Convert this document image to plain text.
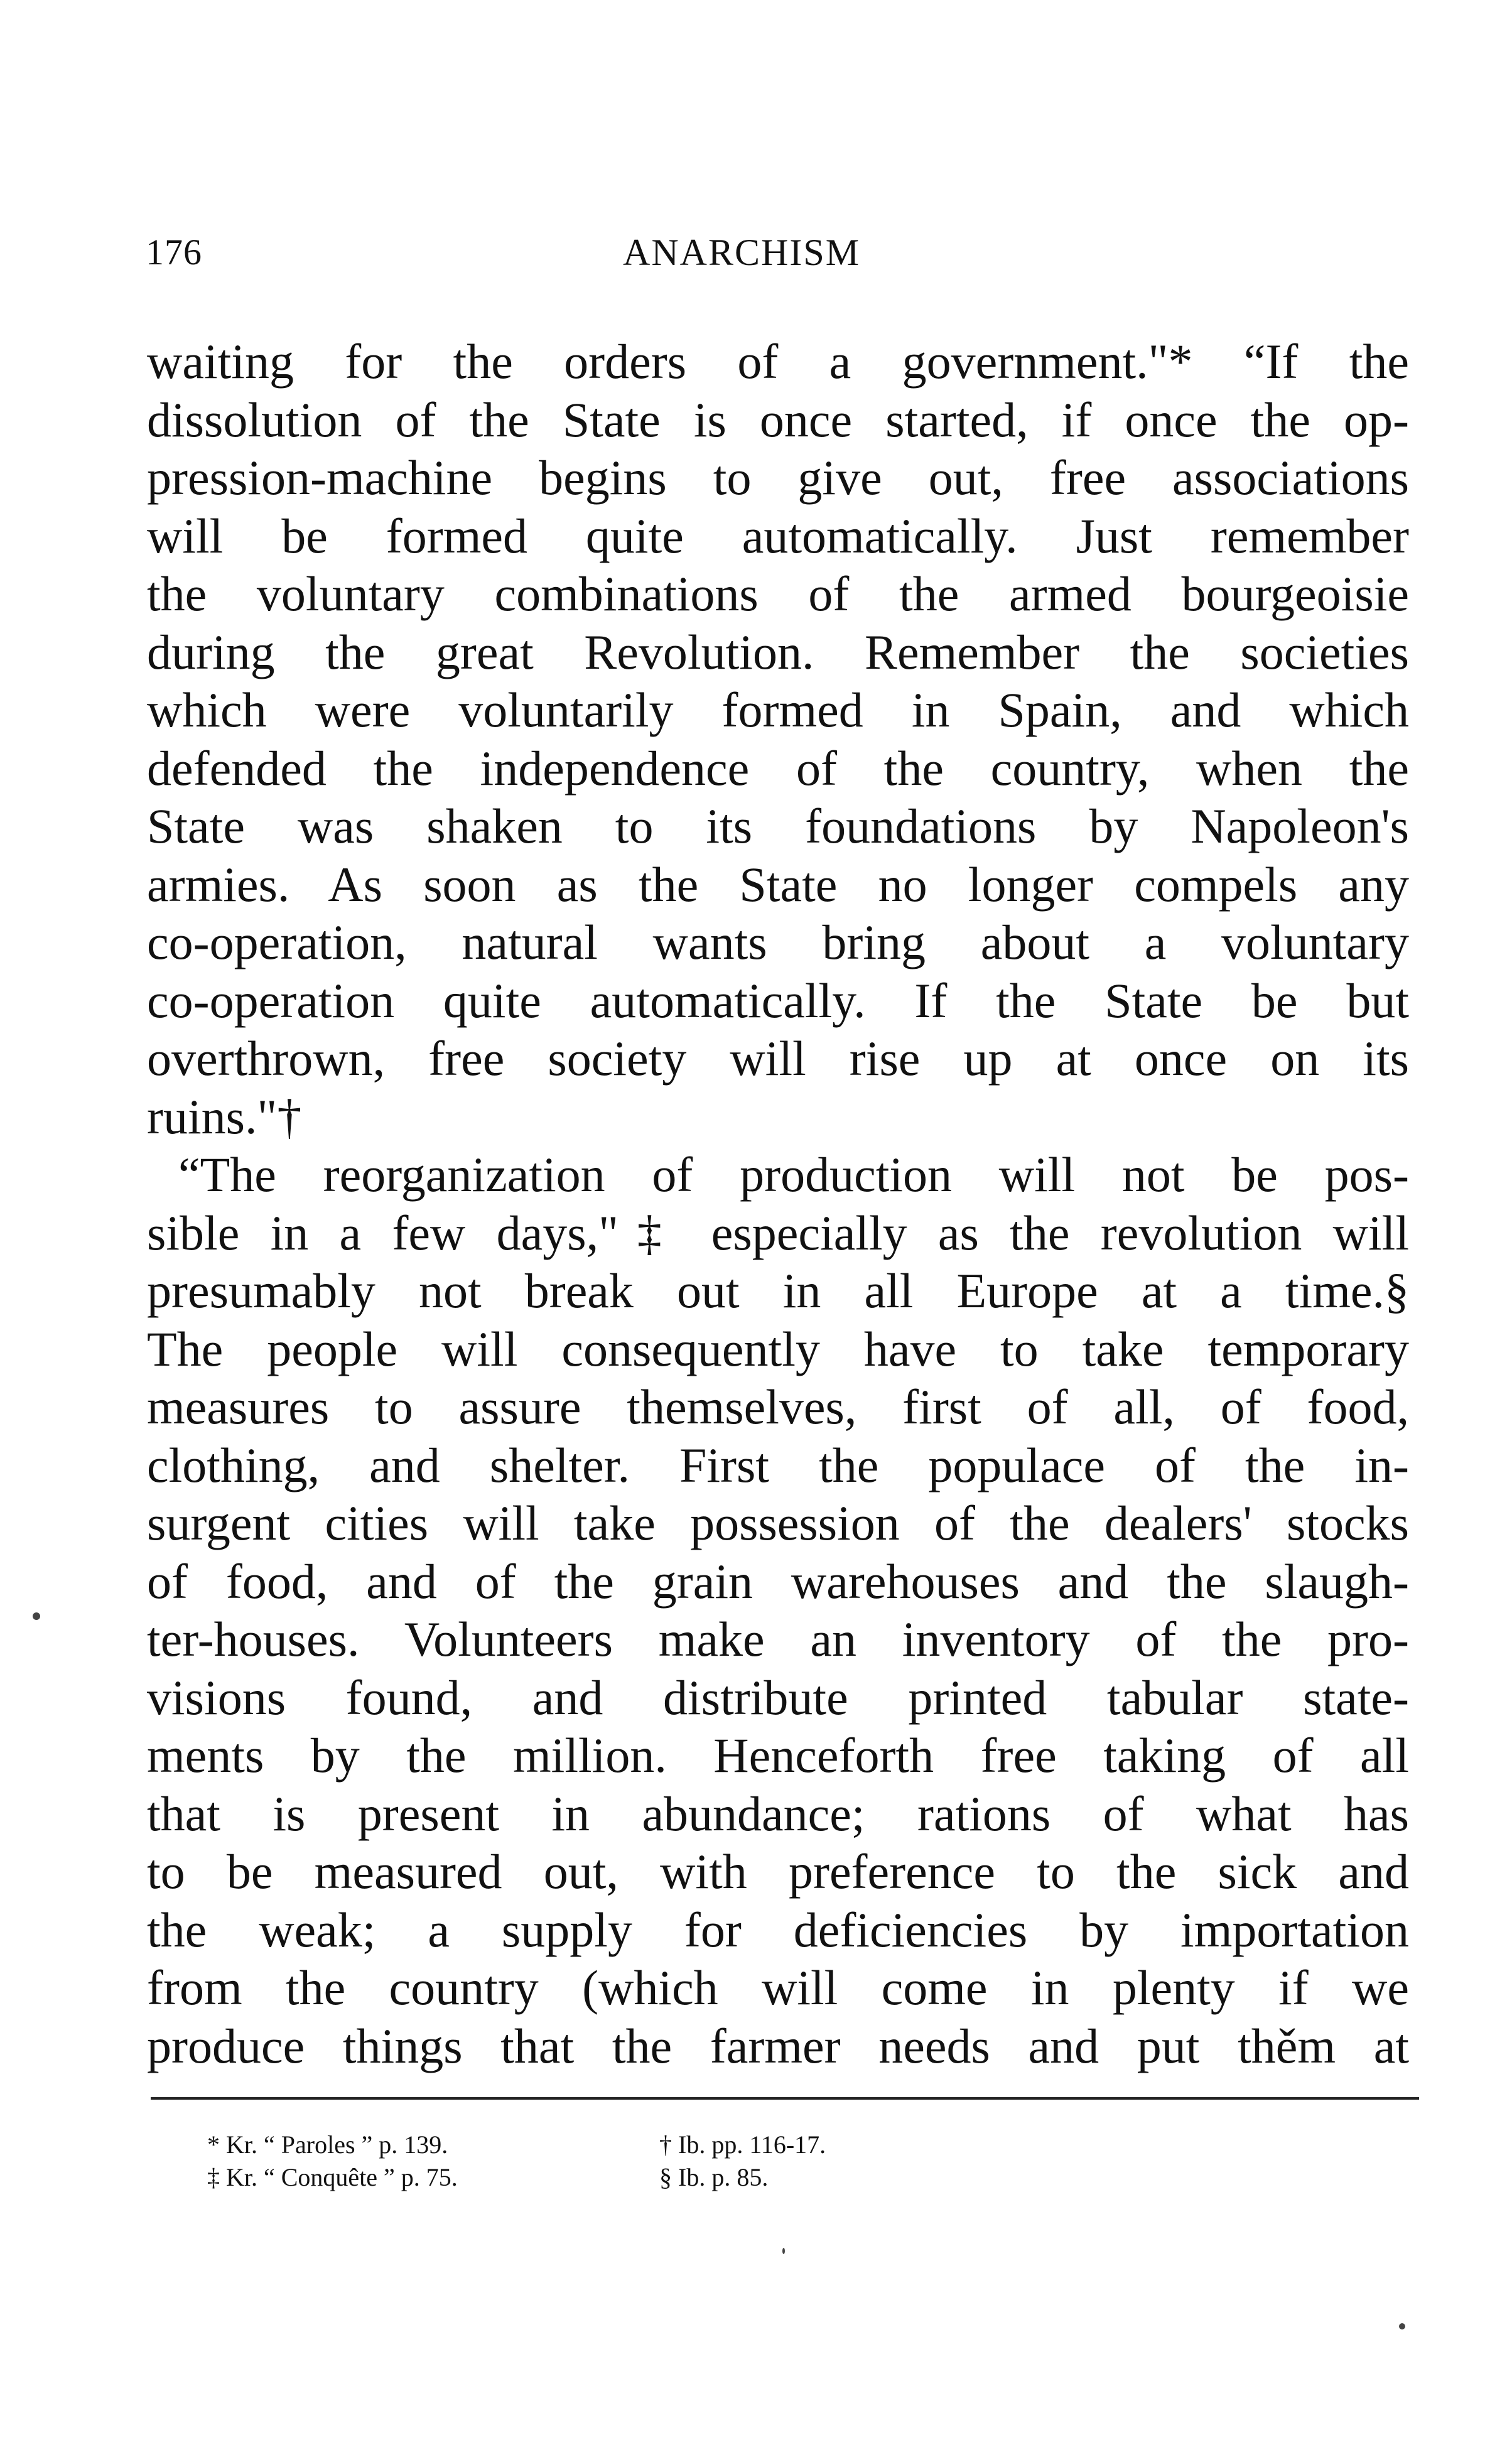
176	ANARCHISM
waiting for the orders of a government."* “If the
dissolution of the State is once started, if once the op-
pression-machine begins to give out, free associations
will be formed quite automatically. Just remember
the voluntary combinations of the armed bourgeoisie
during the great Revolution. Remember the societies
which were voluntarily formed in Spain, and which
defended the independence of the country, when the
State was shaken to its foundations by Napoleon's
armies. As soon as the State no longer compels any
co-operation, natural wants bring about a voluntary
co-operation quite automatically. If the State be but
overthrown, free society will rise up at once on its
ruins."†
“The reorganization of production will not be pos-
sible in a few days,"‡ especially as the revolution will
presumably not break out in all Europe at a time.§
The people will consequently have to take temporary
measures to assure themselves, first of all, of food,
clothing, and shelter. First the populace of the in-
surgent cities will take possession of the dealers' stocks
of food, and of the grain warehouses and the slaugh-
ter-houses. Volunteers make an inventory of the pro-
visions found, and distribute printed tabular state-
ments by the million. Henceforth free taking of all
that is present in abundance; rations of what has
to be measured out, with preference to the sick and
the weak; a supply for deficiencies by importation
from the country (which will come in plenty if we
produce things that the farmer needs and put thěm at
* Kr. “ Paroles ” p. 139.	† Ib. pp. 116-17.
‡ Kr. “ Conquête ” p. 75.	§ Ib. p. 85.
